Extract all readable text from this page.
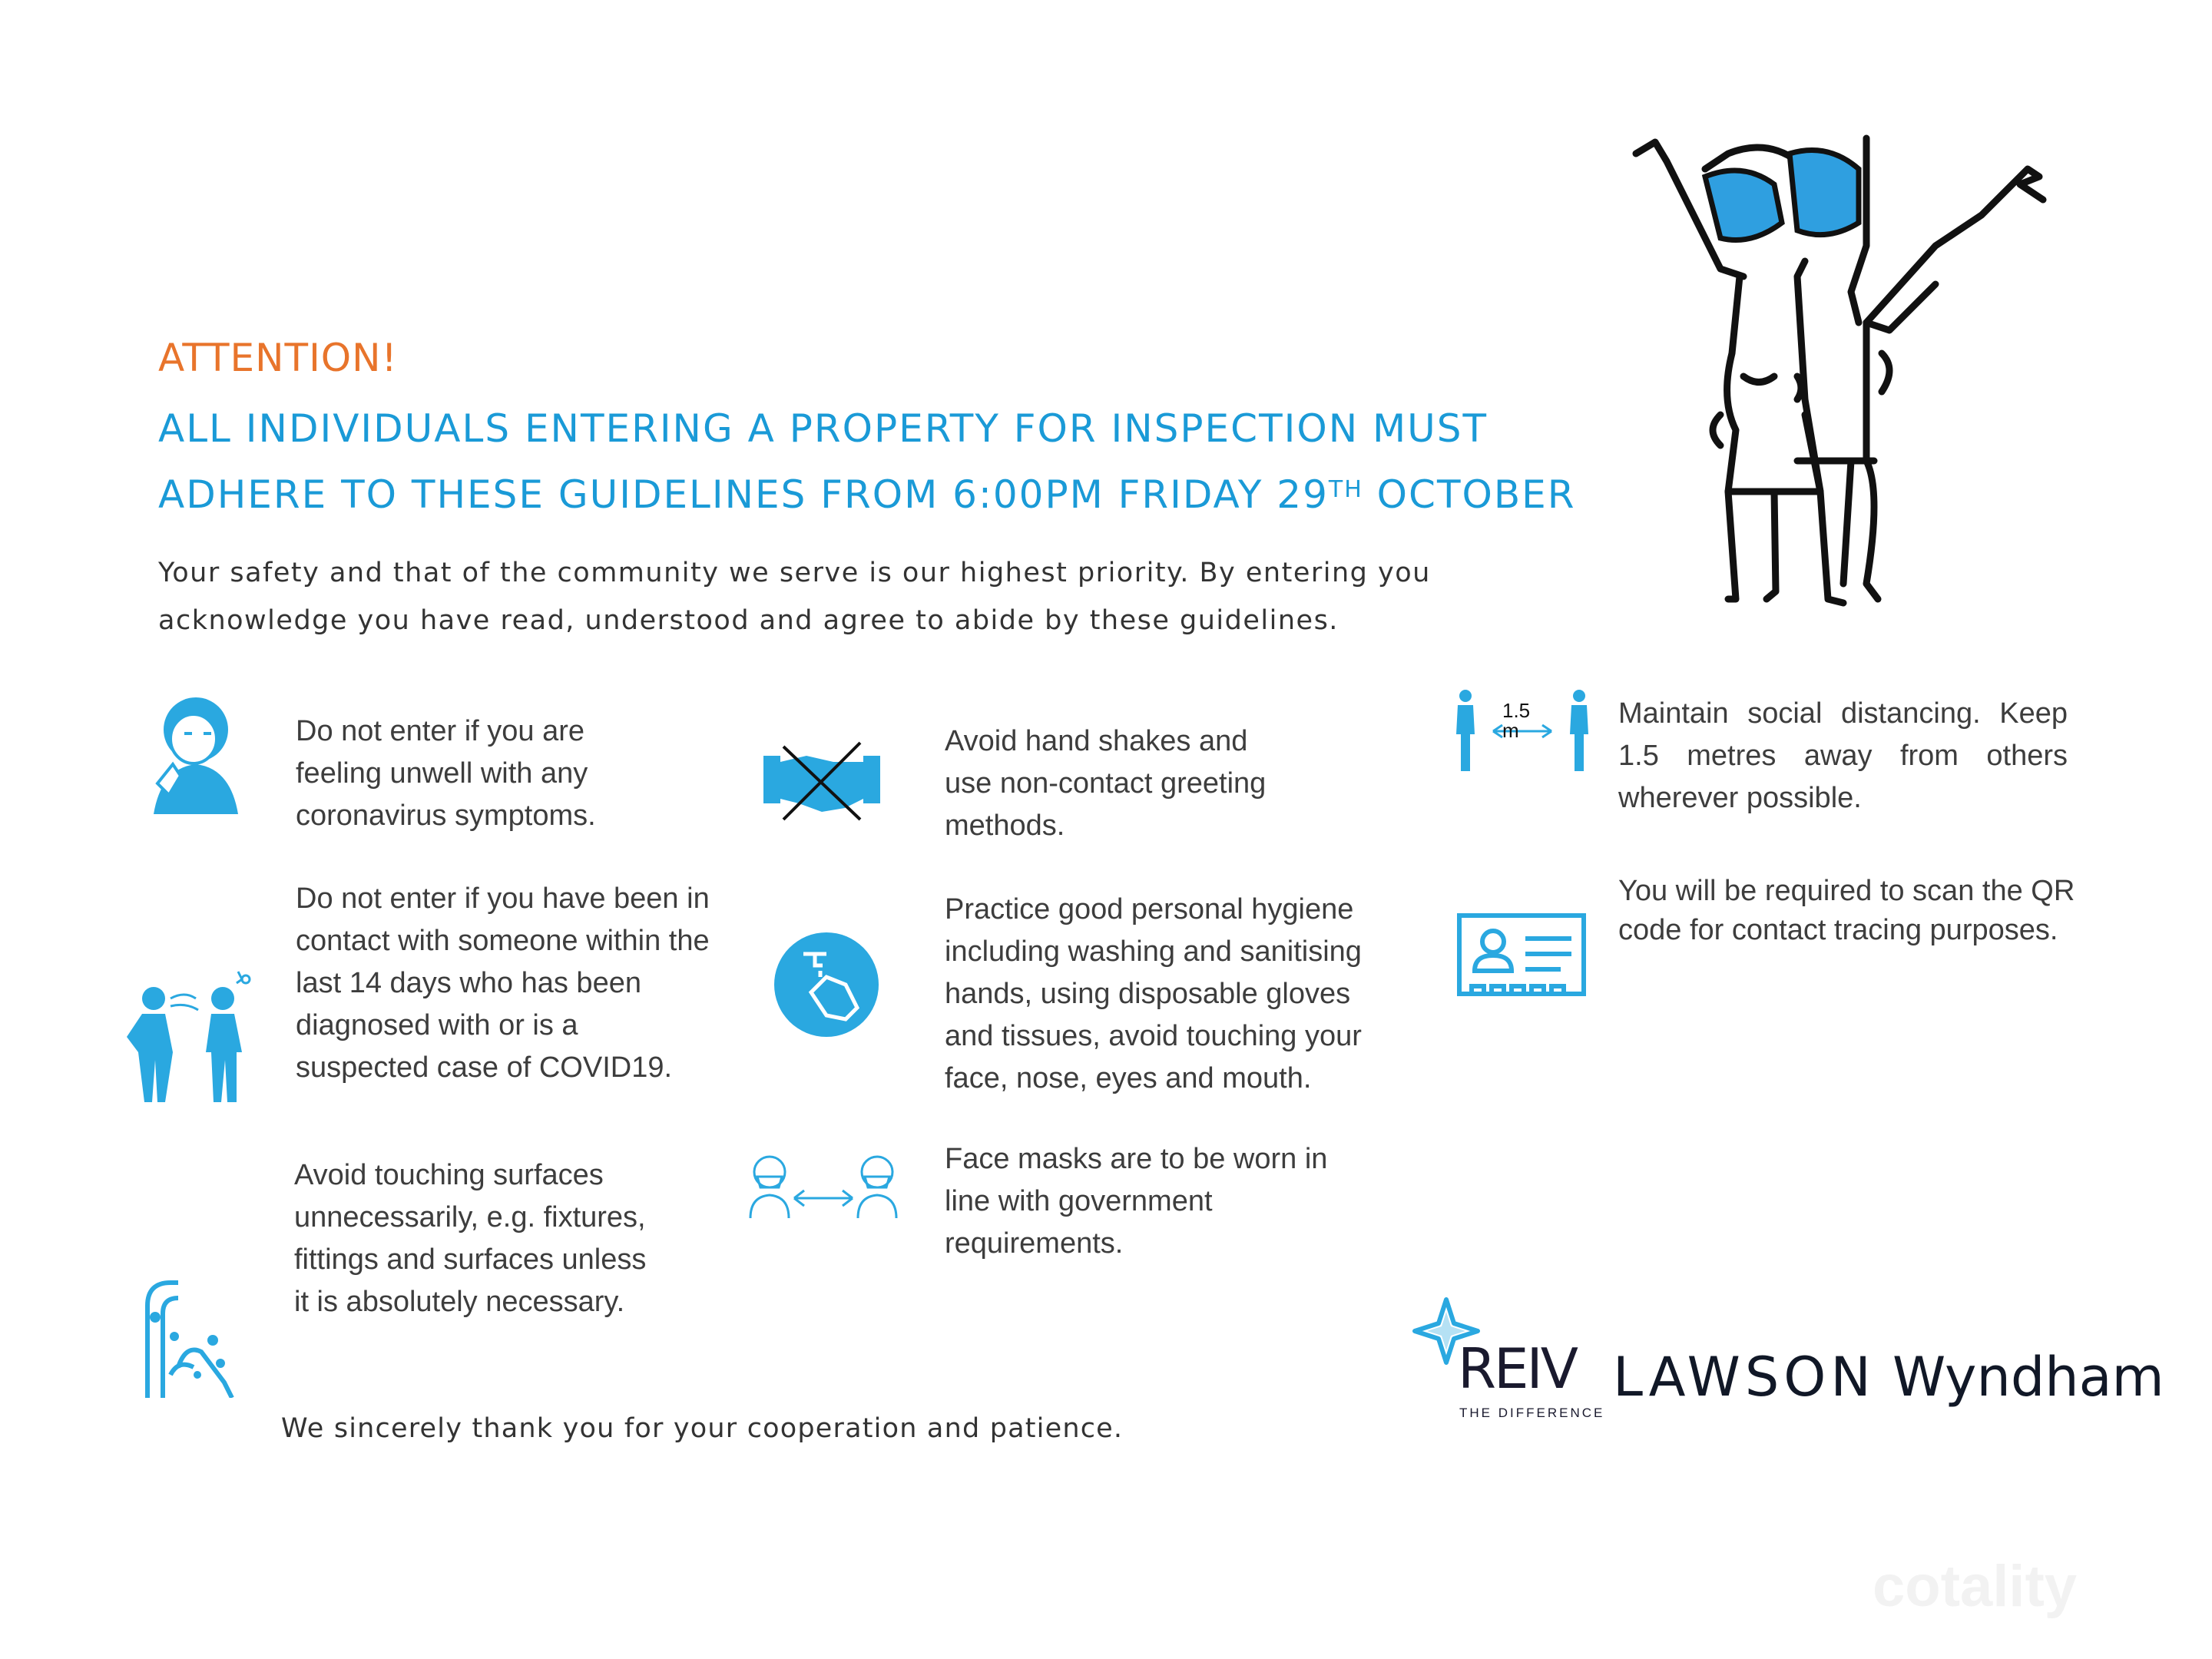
ATTENTION!
ALL INDIVIDUALS ENTERING A PROPERTY FOR INSPECTION MUST
ADHERE TO THESE GUIDELINES FROM 6:00PM FRIDAY 29TH OCTOBER
Your safety and that of the community we serve is our highest priority. By entering you acknowledge you have read, understood and agree to abide by these guidelines.
Do not enter if you are feeling unwell with any coronavirus symptoms.
Do not enter if you have been in contact with someone within the last 14 days who has been diagnosed with or is a suspected case of COVID19.
Avoid touching surfaces unnecessarily, e.g. fixtures, fittings and surfaces unless it is absolutely necessary.
Avoid hand shakes and use non-contact greeting methods.
Practice good personal hygiene including washing and sanitising hands, using disposable gloves and tissues, avoid touching your face, nose, eyes and mouth.
Face masks are to be worn in line with government requirements.
1.5 m
Maintain social distancing. Keep 1.5 metres away from others wherever possible.
You will be required to scan the QR code for contact tracing purposes.
We sincerely thank you for your cooperation and patience.
REIV
THE DIFFERENCE
LAWSON Wyndham
cotality
